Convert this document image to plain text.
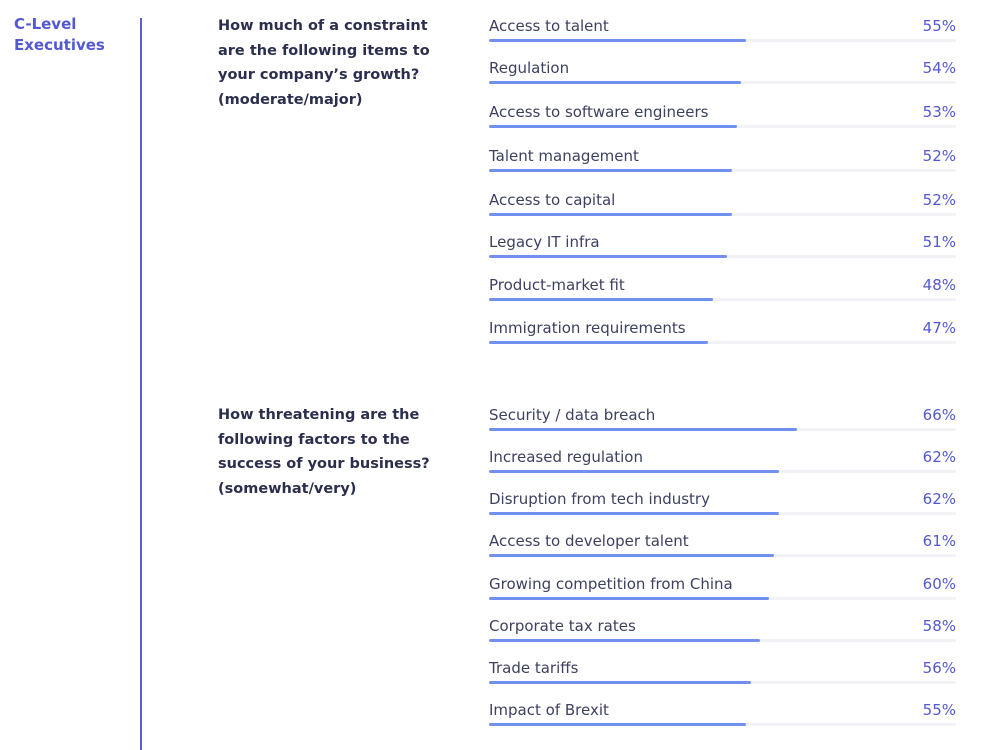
C-Level Executives
How much of a constraint are the following items to your company’s growth? (moderate/major)
Access to talent	55%
Regulation	54%
Access to software engineers	53%
Talent management	52%
Access to capital	52%
Legacy IT infra	51%
Product-market fit	48%
Immigration requirements	47%
How threatening are the following factors to the success of your business? (somewhat/very)
Security / data breach	66%
Increased regulation	62%
Disruption from tech industry	62%
Access to developer talent	61%
Growing competition from China	60%
Corporate tax rates	58%
Trade tariffs	56%
Impact of Brexit	55%
